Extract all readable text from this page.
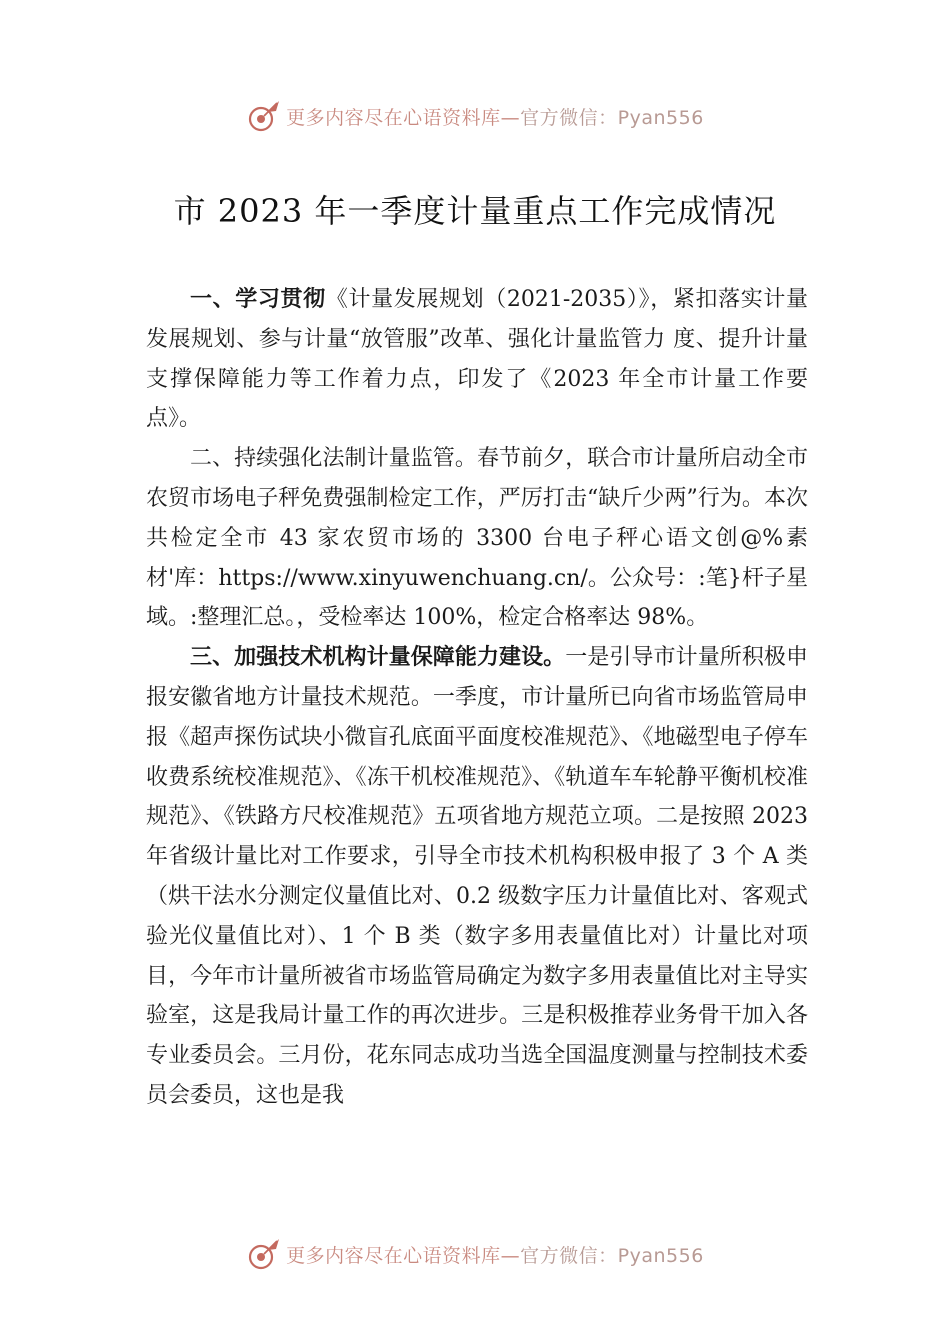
更多内容尽在心语资料库—官方微信：Pyan556
市 2023 年一季度计量重点工作完成情况

一、学习贯彻《计量发展规划（2021-2035）》，紧扣落实计量发展规划、参与计量“放管服”改革、强化计量监管力 度、提升计量支撑保障能力等工作着力点，印发了《2023 年全市计量工作要点》。

二、持续强化法制计量监管。春节前夕，联合市计量所启动全市农贸市场电子秤免费强制检定工作，严厉打击“缺斤少两”行为。本次共检定全市 43 家农贸市场的 3300 台电子秤心语文创@%素材'库：https://www.xinyuwenchuang.cn/。公众号：:笔}杆子星域。:整理汇总。，受检率达 100%，检定合格率达 98%。

三、加强技术机构计量保障能力建设。一是引导市计量所积极申报安徽省地方计量技术规范。一季度，市计量所已向省市场监管局申报《超声探伤试块小微盲孔底面平面度校准规范》、《地磁型电子停车收费系统校准规范》、《冻干机校准规范》、《轨道车车轮静平衡机校准规范》、《铁路方尺校准规范》五项省地方规范立项。二是按照 2023 年省级计量比对工作要求，引导全市技术机构积极申报了 3 个 A 类（烘干法水分测定仪量值比对、0.2 级数字压力计量值比对、客观式验光仪量值比对）、1 个 B 类（数字多用表量值比对）计量比对项目，今年市计量所被省市场监管局确定为数字多用表量值比对主导实验室，这是我局计量工作的再次进步。三是积极推荐业务骨干加入各专业委员会。三月份，花东同志成功当选全国温度测量与控制技术委员会委员，这也是我

更多内容尽在心语资料库—官方微信：Pyan556
